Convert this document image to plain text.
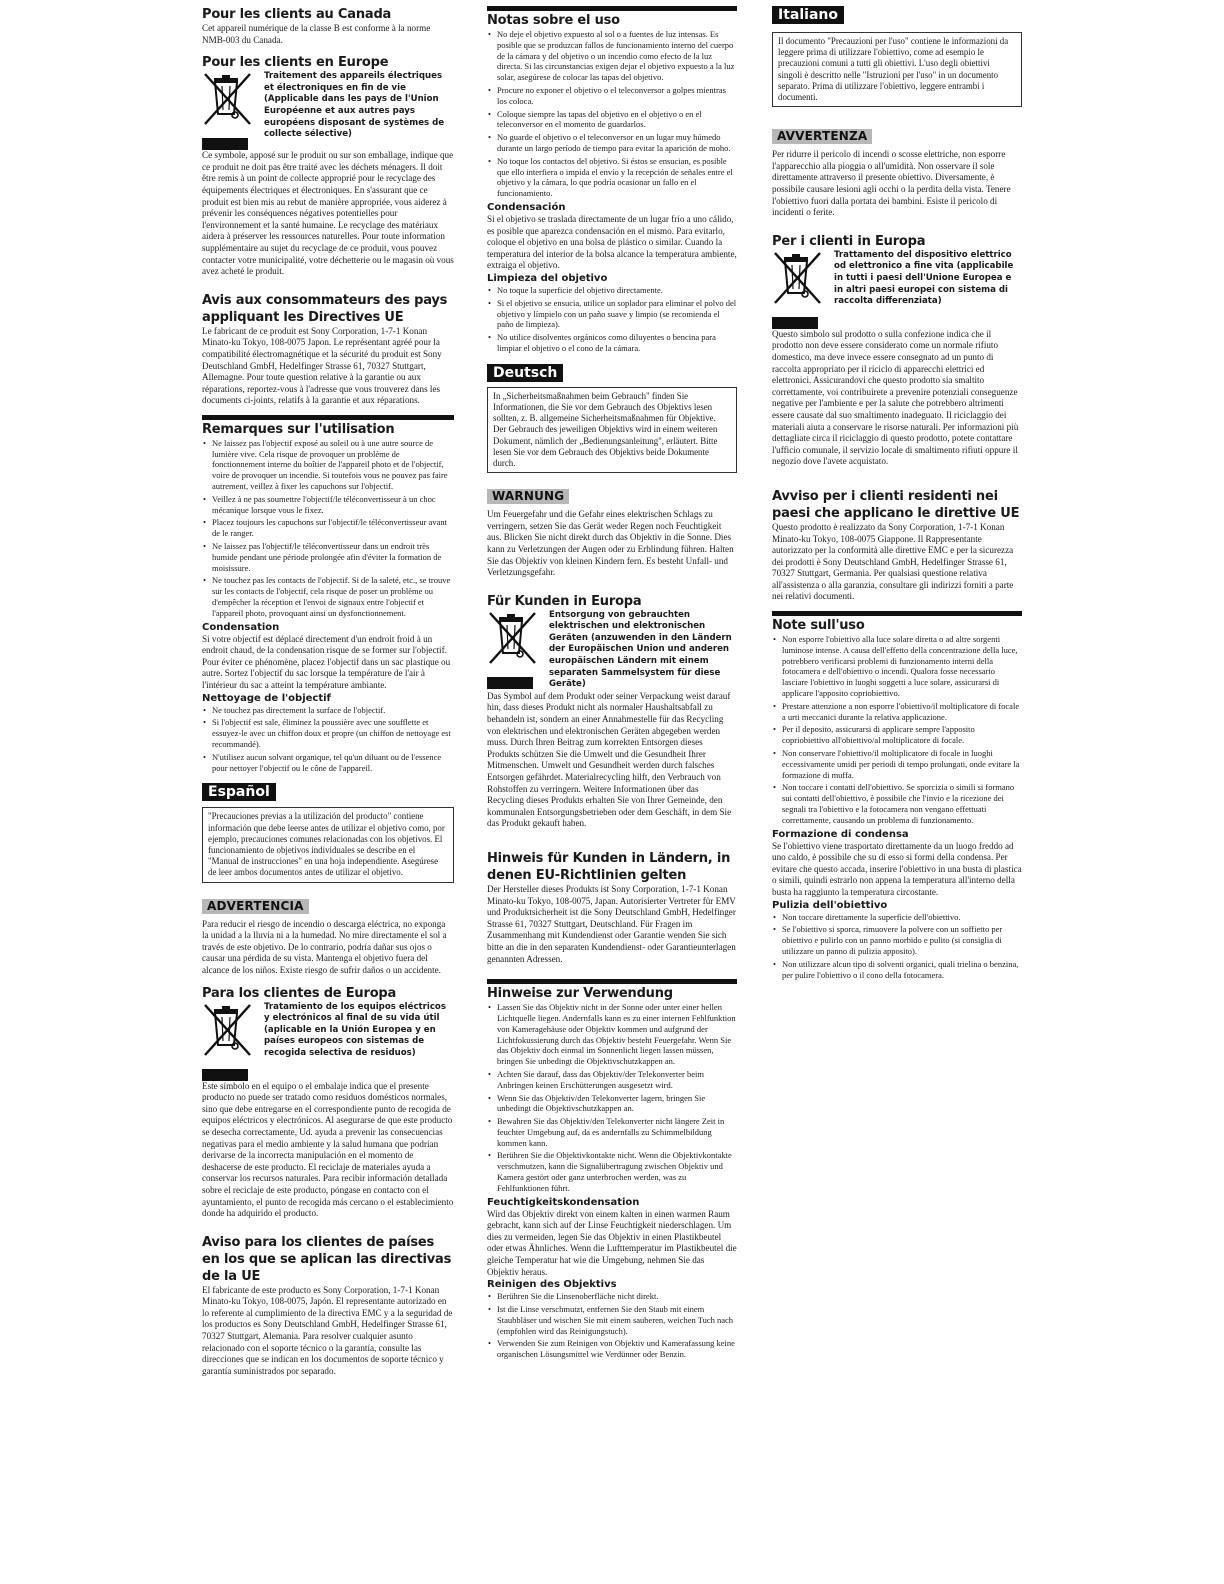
Pour les clients au Canada

Cet appareil numérique de la classe B est conforme à la norme NMB-003 du Canada.

Pour les clients en Europe
Traitement des appareils électriques et électroniques en fin de vie (Applicable dans les pays de l'Union Européenne et aux autres pays européens disposant de systèmes de collecte sélective)

Ce symbole, apposé sur le produit ou sur son emballage, indique que ce produit ne doit pas être traité avec les déchets ménagers. Il doit être remis à un point de collecte approprié pour le recyclage des équipements électriques et électroniques. En s'assurant que ce produit est bien mis au rebut de manière appropriée, vous aiderez à prévenir les conséquences négatives potentielles pour l'environnement et la santé humaine. Le recyclage des matériaux aidera à préserver les ressources naturelles. Pour toute information supplémentaire au sujet du recyclage de ce produit, vous pouvez contacter votre municipalité, votre déchetterie ou le magasin où vous avez acheté le produit.

Avis aux consommateurs des pays appliquant les Directives UE

Le fabricant de ce produit est Sony Corporation, 1-7-1 Konan Minato-ku Tokyo, 108-0075 Japon. Le représentant agréé pour la compatibilité électromagnétique et la sécurité du produit est Sony Deutschland GmbH, Hedelfinger Strasse 61, 70327 Stuttgart, Allemagne. Pour toute question relative à la garantie ou aux réparations, reportez-vous à l'adresse que vous trouverez dans les documents ci-joints, relatifs à la garantie et aux réparations.

Remarques sur l'utilisation
• Ne laissez pas l'objectif exposé au soleil ou à une autre source de lumière vive. Cela risque de provoquer un problème de fonctionnement interne du boîtier de l'appareil photo et de l'objectif, voire de provoquer un incendie. Si toutefois vous ne pouvez pas faire autrement, veillez à fixer les capuchons sur l'objectif.
• Veillez à ne pas soumettre l'objectif/le téléconvertisseur à un choc mécanique lorsque vous le fixez.
• Placez toujours les capuchons sur l'objectif/le téléconvertisseur avant de le ranger.
• Ne laissez pas l'objectif/le téléconvertisseur dans un endroit très humide pendant une période prolongée afin d'éviter la formation de moisissure.
• Ne touchez pas les contacts de l'objectif. Si de la saleté, etc., se trouve sur les contacts de l'objectif, cela risque de poser un problème ou d'empêcher la réception et l'envoi de signaux entre l'objectif et l'appareil photo, provoquant ainsi un dysfonctionnement.
Condensation

Si votre objectif est déplacé directement d'un endroit froid à un endroit chaud, de la condensation risque de se former sur l'objectif. Pour éviter ce phénomène, placez l'objectif dans un sac plastique ou autre. Sortez l'objectif du sac lorsque la température de l'air à l'intérieur du sac a atteint la température ambiante.

Nettoyage de l'objectif
• Ne touchez pas directement la surface de l'objectif.
• Si l'objectif est sale, éliminez la poussière avec une soufflette et essuyez-le avec un chiffon doux et propre (un chiffon de nettoyage est recommandé).
• N'utilisez aucun solvant organique, tel qu'un diluant ou de l'essence pour nettoyer l'objectif ou le cône de l'appareil.
Español

"Precauciones previas a la utilización del producto" contiene información que debe leerse antes de utilizar el objetivo como, por ejemplo, precauciones comunes relacionadas con los objetivos. El funcionamiento de objetivos individuales se describe en el "Manual de instrucciones" en una hoja independiente. Asegúrese de leer ambos documentos antes de utilizar el objetivo.

ADVERTENCIA

Para reducir el riesgo de incendio o descarga eléctrica, no exponga la unidad a la lluvia ni a la humedad. No mire directamente el sol a través de este objetivo. De lo contrario, podría dañar sus ojos o causar una pérdida de su vista. Mantenga el objetivo fuera del alcance de los niños. Existe riesgo de sufrir daños o un accidente.

Para los clientes de Europa
Tratamiento de los equipos eléctricos y electrónicos al final de su vida útil (aplicable en la Unión Europea y en países europeos con sistemas de recogida selectiva de residuos)

Este símbolo en el equipo o el embalaje indica que el presente producto no puede ser tratado como residuos domésticos normales, sino que debe entregarse en el correspondiente punto de recogida de equipos eléctricos y electrónicos. Al asegurarse de que este producto se desecha correctamente, Ud. ayuda a prevenir las consecuencias negativas para el medio ambiente y la salud humana que podrían derivarse de la incorrecta manipulación en el momento de deshacerse de este producto. El reciclaje de materiales ayuda a conservar los recursos naturales. Para recibir información detallada sobre el reciclaje de este producto, póngase en contacto con el ayuntamiento, el punto de recogida más cercano o el establecimiento donde ha adquirido el producto.

Aviso para los clientes de países en los que se aplican las directivas de la UE

El fabricante de este producto es Sony Corporation, 1-7-1 Konan Minato-ku Tokyo, 108-0075, Japón. El representante autorizado en lo referente al cumplimiento de la directiva EMC y a la seguridad de los productos es Sony Deutschland GmbH, Hedelfinger Strasse 61, 70327 Stuttgart, Alemania. Para resolver cualquier asunto relacionado con el soporte técnico o la garantía, consulte las direcciones que se indican en los documentos de soporte técnico y garantía suministrados por separado.

Notas sobre el uso
• No deje el objetivo expuesto al sol o a fuentes de luz intensas. Es posible que se produzcan fallos de funcionamiento interno del cuerpo de la cámara y del objetivo o un incendio como efecto de la luz directa. Si las circunstancias exigen dejar el objetivo expuesto a la luz solar, asegúrese de colocar las tapas del objetivo.
• Procure no exponer el objetivo o el teleconversor a golpes mientras los coloca.
• Coloque siempre las tapas del objetivo en el objetivo o en el teleconversor en el momento de guardarlos.
• No guarde el objetivo o el teleconversor en un lugar muy húmedo durante un largo período de tiempo para evitar la aparición de moho.
• No toque los contactos del objetivo. Si éstos se ensucian, es posible que ello interfiera o impida el envío y la recepción de señales entre el objetivo y la cámara, lo que podría ocasionar un fallo en el funcionamiento.
Condensación

Si el objetivo se traslada directamente de un lugar frío a uno cálido, es posible que aparezca condensación en el mismo. Para evitarlo, coloque el objetivo en una bolsa de plástico o similar. Cuando la temperatura del interior de la bolsa alcance la temperatura ambiente, extraiga el objetivo.

Limpieza del objetivo
• No toque la superficie del objetivo directamente.
• Si el objetivo se ensucia, utilice un soplador para eliminar el polvo del objetivo y límpielo con un paño suave y limpio (se recomienda el paño de limpieza).
• No utilice disolventes orgánicos como diluyentes o bencina para limpiar el objetivo o el cono de la cámara.
Deutsch

In „Sicherheitsmaßnahmen beim Gebrauch" finden Sie Informationen, die Sie vor dem Gebrauch des Objektivs lesen sollten, z. B. allgemeine Sicherheitsmaßnahmen für Objektive. Der Gebrauch des jeweiligen Objektivs wird in einem weiteren Dokument, nämlich der „Bedienungsanleitung", erläutert. Bitte lesen Sie vor dem Gebrauch des Objektivs beide Dokumente durch.

WARNUNG

Um Feuergefahr und die Gefahr eines elektrischen Schlags zu verringern, setzen Sie das Gerät weder Regen noch Feuchtigkeit aus. Blicken Sie nicht direkt durch das Objektiv in die Sonne. Dies kann zu Verletzungen der Augen oder zu Erblindung führen. Halten Sie das Objektiv von kleinen Kindern fern. Es besteht Unfall- und Verletzungsgefahr.

Für Kunden in Europa
Entsorgung von gebrauchten elektrischen und elektronischen Geräten (anzuwenden in den Ländern der Europäischen Union und anderen europäischen Ländern mit einem separaten Sammelsystem für diese Geräte)

Das Symbol auf dem Produkt oder seiner Verpackung weist darauf hin, dass dieses Produkt nicht als normaler Haushaltsabfall zu behandeln ist, sondern an einer Annahmestelle für das Recycling von elektrischen und elektronischen Geräten abgegeben werden muss. Durch Ihren Beitrag zum korrekten Entsorgen dieses Produkts schützen Sie die Umwelt und die Gesundheit Ihrer Mitmenschen. Umwelt und Gesundheit werden durch falsches Entsorgen gefährdet. Materialrecycling hilft, den Verbrauch von Rohstoffen zu verringern. Weitere Informationen über das Recycling dieses Produkts erhalten Sie von Ihrer Gemeinde, den kommunalen Entsorgungsbetrieben oder dem Geschäft, in dem Sie das Produkt gekauft haben.

Hinweis für Kunden in Ländern, in denen EU-Richtlinien gelten

Der Hersteller dieses Produkts ist Sony Corporation, 1-7-1 Konan Minato-ku Tokyo, 108-0075, Japan. Autorisierter Vertreter für EMV und Produktsicherheit ist die Sony Deutschland GmbH, Hedelfinger Strasse 61, 70327 Stuttgart, Deutschland. Für Fragen im Zusammenhang mit Kundendienst oder Garantie wenden Sie sich bitte an die in den separaten Kundendienst- oder Garantieunterlagen genannten Adressen.

Hinweise zur Verwendung
• Lassen Sie das Objektiv nicht in der Sonne oder unter einer hellen Lichtquelle liegen. Andernfalls kann es zu einer internen Fehlfunktion von Kameragehäuse oder Objektiv kommen und aufgrund der Lichtfokussierung durch das Objektiv besteht Feuergefahr. Wenn Sie das Objektiv doch einmal im Sonnenlicht liegen lassen müssen, bringen Sie unbedingt die Objektivschutzkappen an.
• Achten Sie darauf, dass das Objektiv/der Telekonverter beim Anbringen keinen Erschütterungen ausgesetzt wird.
• Wenn Sie das Objektiv/den Telekonverter lagern, bringen Sie unbedingt die Objektivschutzkappen an.
• Bewahren Sie das Objektiv/den Telekonverter nicht längere Zeit in feuchter Umgebung auf, da es andernfalls zu Schimmelbildung kommen kann.
• Berühren Sie die Objektivkontakte nicht. Wenn die Objektivkontakte verschmutzen, kann die Signalübertragung zwischen Objektiv und Kamera gestört oder ganz unterbrochen werden, was zu Fehlfunktionen führt.
Feuchtigkeitskondensation

Wird das Objektiv direkt von einem kalten in einen warmen Raum gebracht, kann sich auf der Linse Feuchtigkeit niederschlagen. Um dies zu vermeiden, legen Sie das Objektiv in einen Plastikbeutel oder etwas Ähnliches. Wenn die Lufttemperatur im Plastikbeutel die gleiche Temperatur hat wie die Umgebung, nehmen Sie das Objektiv heraus.

Reinigen des Objektivs
• Berühren Sie die Linsenoberfläche nicht direkt.
• Ist die Linse verschmutzt, entfernen Sie den Staub mit einem Staubbläser und wischen Sie mit einem sauberen, weichen Tuch nach (empfohlen wird das Reinigungstuch).
• Verwenden Sie zum Reinigen von Objektiv und Kamerafassung keine organischen Lösungsmittel wie Verdünner oder Benzin.
Italiano

Il documento "Precauzioni per l'uso" contiene le informazioni da leggere prima di utilizzare l'obiettivo, come ad esempio le precauzioni comuni a tutti gli obiettivi. L'uso degli obiettivi singoli è descritto nelle "Istruzioni per l'uso" in un documento separato. Prima di utilizzare l'obiettivo, leggere entrambi i documenti.

AVVERTENZA

Per ridurre il pericolo di incendi o scosse elettriche, non esporre l'apparecchio alla pioggia o all'umidità. Non osservare il sole direttamente attraverso il presente obiettivo. Diversamente, è possibile causare lesioni agli occhi o la perdita della vista. Tenere l'obiettivo fuori dalla portata dei bambini. Esiste il pericolo di incidenti o ferite.

Per i clienti in Europa
Trattamento del dispositivo elettrico od elettronico a fine vita (applicabile in tutti i paesi dell'Unione Europea e in altri paesi europei con sistema di raccolta differenziata)

Questo simbolo sul prodotto o sulla confezione indica che il prodotto non deve essere considerato come un normale rifiuto domestico, ma deve invece essere consegnato ad un punto di raccolta appropriato per il riciclo di apparecchi elettrici ed elettronici. Assicurandovi che questo prodotto sia smaltito correttamente, voi contribuirete a prevenire potenziali conseguenze negative per l'ambiente e per la salute che potrebbero altrimenti essere causate dal suo smaltimento inadeguato. Il riciclaggio dei materiali aiuta a conservare le risorse naturali. Per informazioni più dettagliate circa il riciclaggio di questo prodotto, potete contattare l'ufficio comunale, il servizio locale di smaltimento rifiuti oppure il negozio dove l'avete acquistato.

Avviso per i clienti residenti nei paesi che applicano le direttive UE

Questo prodotto è realizzato da Sony Corporation, 1-7-1 Konan Minato-ku Tokyo, 108-0075 Giappone. Il Rappresentante autorizzato per la conformità alle direttive EMC e per la sicurezza dei prodotti è Sony Deutschland GmbH, Hedelfinger Strasse 61, 70327 Stuttgart, Germania. Per qualsiasi questione relativa all'assistenza o alla garanzia, consultare gli indirizzi forniti a parte nei relativi documenti.

Note sull'uso
• Non esporre l'obiettivo alla luce solare diretta o ad altre sorgenti luminose intense. A causa dell'effetto della concentrazione della luce, potrebbero verificarsi problemi di funzionamento interni della fotocamera e dell'obiettivo o incendi. Qualora fosse necessario lasciare l'obiettivo in luoghi soggetti a luce solare, assicurarsi di applicare l'apposito copriobiettivo.
• Prestare attenzione a non esporre l'obiettivo/il moltiplicatore di focale a urti meccanici durante la relativa applicazione.
• Per il deposito, assicurarsi di applicare sempre l'apposito copriobiettivo all'obiettivo/al moltiplicatore di focale.
• Non conservare l'obiettivo/il moltiplicatore di focale in luoghi eccessivamente umidi per periodi di tempo prolungati, onde evitare la formazione di muffa.
• Non toccare i contatti dell'obiettivo. Se sporcizia o simili si formano sui contatti dell'obiettivo, è possibile che l'invio e la ricezione dei segnali tra l'obiettivo e la fotocamera non vengano effettuati correttamente, causando un problema di funzionamento.
Formazione di condensa

Se l'obiettivo viene trasportato direttamente da un luogo freddo ad uno caldo, è possibile che su di esso si formi della condensa. Per evitare che questo accada, inserire l'obiettivo in una busta di plastica o simili, quindi estrarlo non appena la temperatura all'interno della busta ha raggiunto la temperatura circostante.

Pulizia dell'obiettivo
• Non toccare direttamente la superficie dell'obiettivo.
• Se l'obiettivo si sporca, rimuovere la polvere con un soffietto per obiettivo e pulirlo con un panno morbido e pulito (si consiglia di utilizzare un panno di pulizia apposito).
• Non utilizzare alcun tipo di solventi organici, quali trielina o benzina, per pulire l'obiettivo o il cono della fotocamera.
